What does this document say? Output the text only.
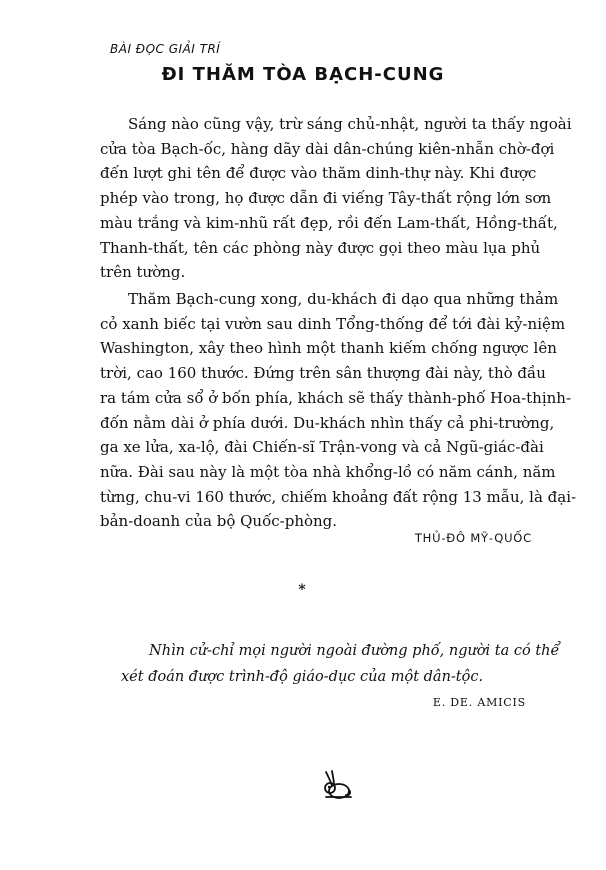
BÀI ĐỌC GIẢI TRÍ
ĐI THĂM TÒA BẠCH-CUNG
Sáng nào cũng vậy, trừ sáng chủ-nhật, người ta thấy ngoài
cửa tòa Bạch-ốc, hàng dãy dài dân-chúng kiên-nhẫn chờ-đợi
đến lượt ghi tên để được vào thăm dinh-thự này. Khi được
phép vào trong, họ được dẫn đi viếng Tây-thất rộng lớn sơn
màu trắng và kim-nhũ rất đẹp, rồi đến Lam-thất, Hồng-thất,
Thanh-thất, tên các phòng này được gọi theo màu lụa phủ
trên tường.
Thăm Bạch-cung xong, du-khách đi dạo qua những thảm
cỏ xanh biếc tại vườn sau dinh Tổng-thống để tới đài kỷ-niệm
Washington, xây theo hình một thanh kiếm chống ngược lên
trời, cao 160 thước. Đứng trên sân thượng đài này, thò đầu
ra tám cửa sổ ở bốn phía, khách sẽ thấy thành-phố Hoa-thịnh-
đốn nằm dài ở phía dưới. Du-khách nhìn thấy cả phi-trường,
ga xe lửa, xa-lộ, đài Chiến-sĩ Trận-vong và cả Ngũ-giác-đài
nữa. Đài sau này là một tòa nhà khổng-lồ có năm cánh, năm
từng, chu-vi 160 thước, chiếm khoảng đất rộng 13 mẫu, là đại-
bản-doanh của bộ Quốc-phòng.
THỦ-ĐÔ MỸ-QUỐC
*
Nhìn cử-chỉ mọi người ngoài đường phố, người ta có thể
xét đoán được trình-độ giáo-dục của một dân-tộc.
E. DE. AMICIS
